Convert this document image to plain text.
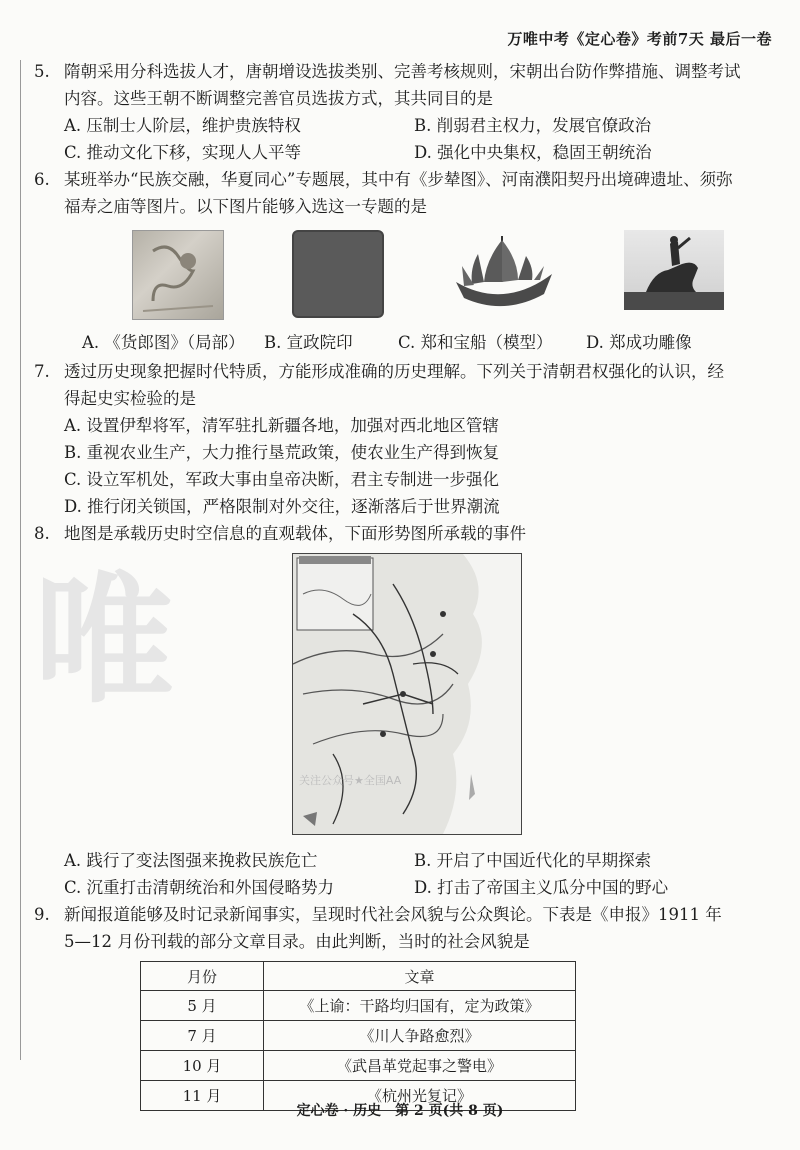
万唯中考《定心卷》考前7天 最后一卷
5. 隋朝采用分科选拔人才，唐朝增设选拔类别、完善考核规则，宋朝出台防作弊措施、调整考试
内容。这些王朝不断调整完善官员选拔方式，其共同目的是
A. 压制士人阶层，维护贵族特权	B. 削弱君主权力，发展官僚政治
C. 推动文化下移，实现人人平等	D. 强化中央集权，稳固王朝统治
6. 某班举办“民族交融，华夏同心”专题展，其中有《步辇图》、河南濮阳契丹出境碑遗址、须弥
福寿之庙等图片。以下图片能够入选这一专题的是
A. 《货郎图》（局部）	B. 宣政院印	C. 郑和宝船（模型）	D. 郑成功雕像
7. 透过历史现象把握时代特质，方能形成准确的历史理解。下列关于清朝君权强化的认识，经
得起史实检验的是
A. 设置伊犁将军，清军驻扎新疆各地，加强对西北地区管辖
B. 重视农业生产，大力推行垦荒政策，使农业生产得到恢复
C. 设立军机处，军政大事由皇帝决断，君主专制进一步强化
D. 推行闭关锁国，严格限制对外交往，逐渐落后于世界潮流
8. 地图是承载历史时空信息的直观载体，下面形势图所承载的事件
唯
关注公众号★全国AA
A. 践行了变法图强来挽救民族危亡	B. 开启了中国近代化的早期探索
C. 沉重打击清朝统治和外国侵略势力	D. 打击了帝国主义瓜分中国的野心
9. 新闻报道能够及时记录新闻事实，呈现时代社会风貌与公众舆论。下表是《申报》1911 年
5—12 月份刊载的部分文章目录。由此判断，当时的社会风貌是
月份	文章
5 月	《上谕：干路均归国有，定为政策》
7 月	《川人争路愈烈》
10 月	《武昌革党起事之警电》
11 月	《杭州光复记》
定心卷 · 历史　第 2 页(共 8 页)
